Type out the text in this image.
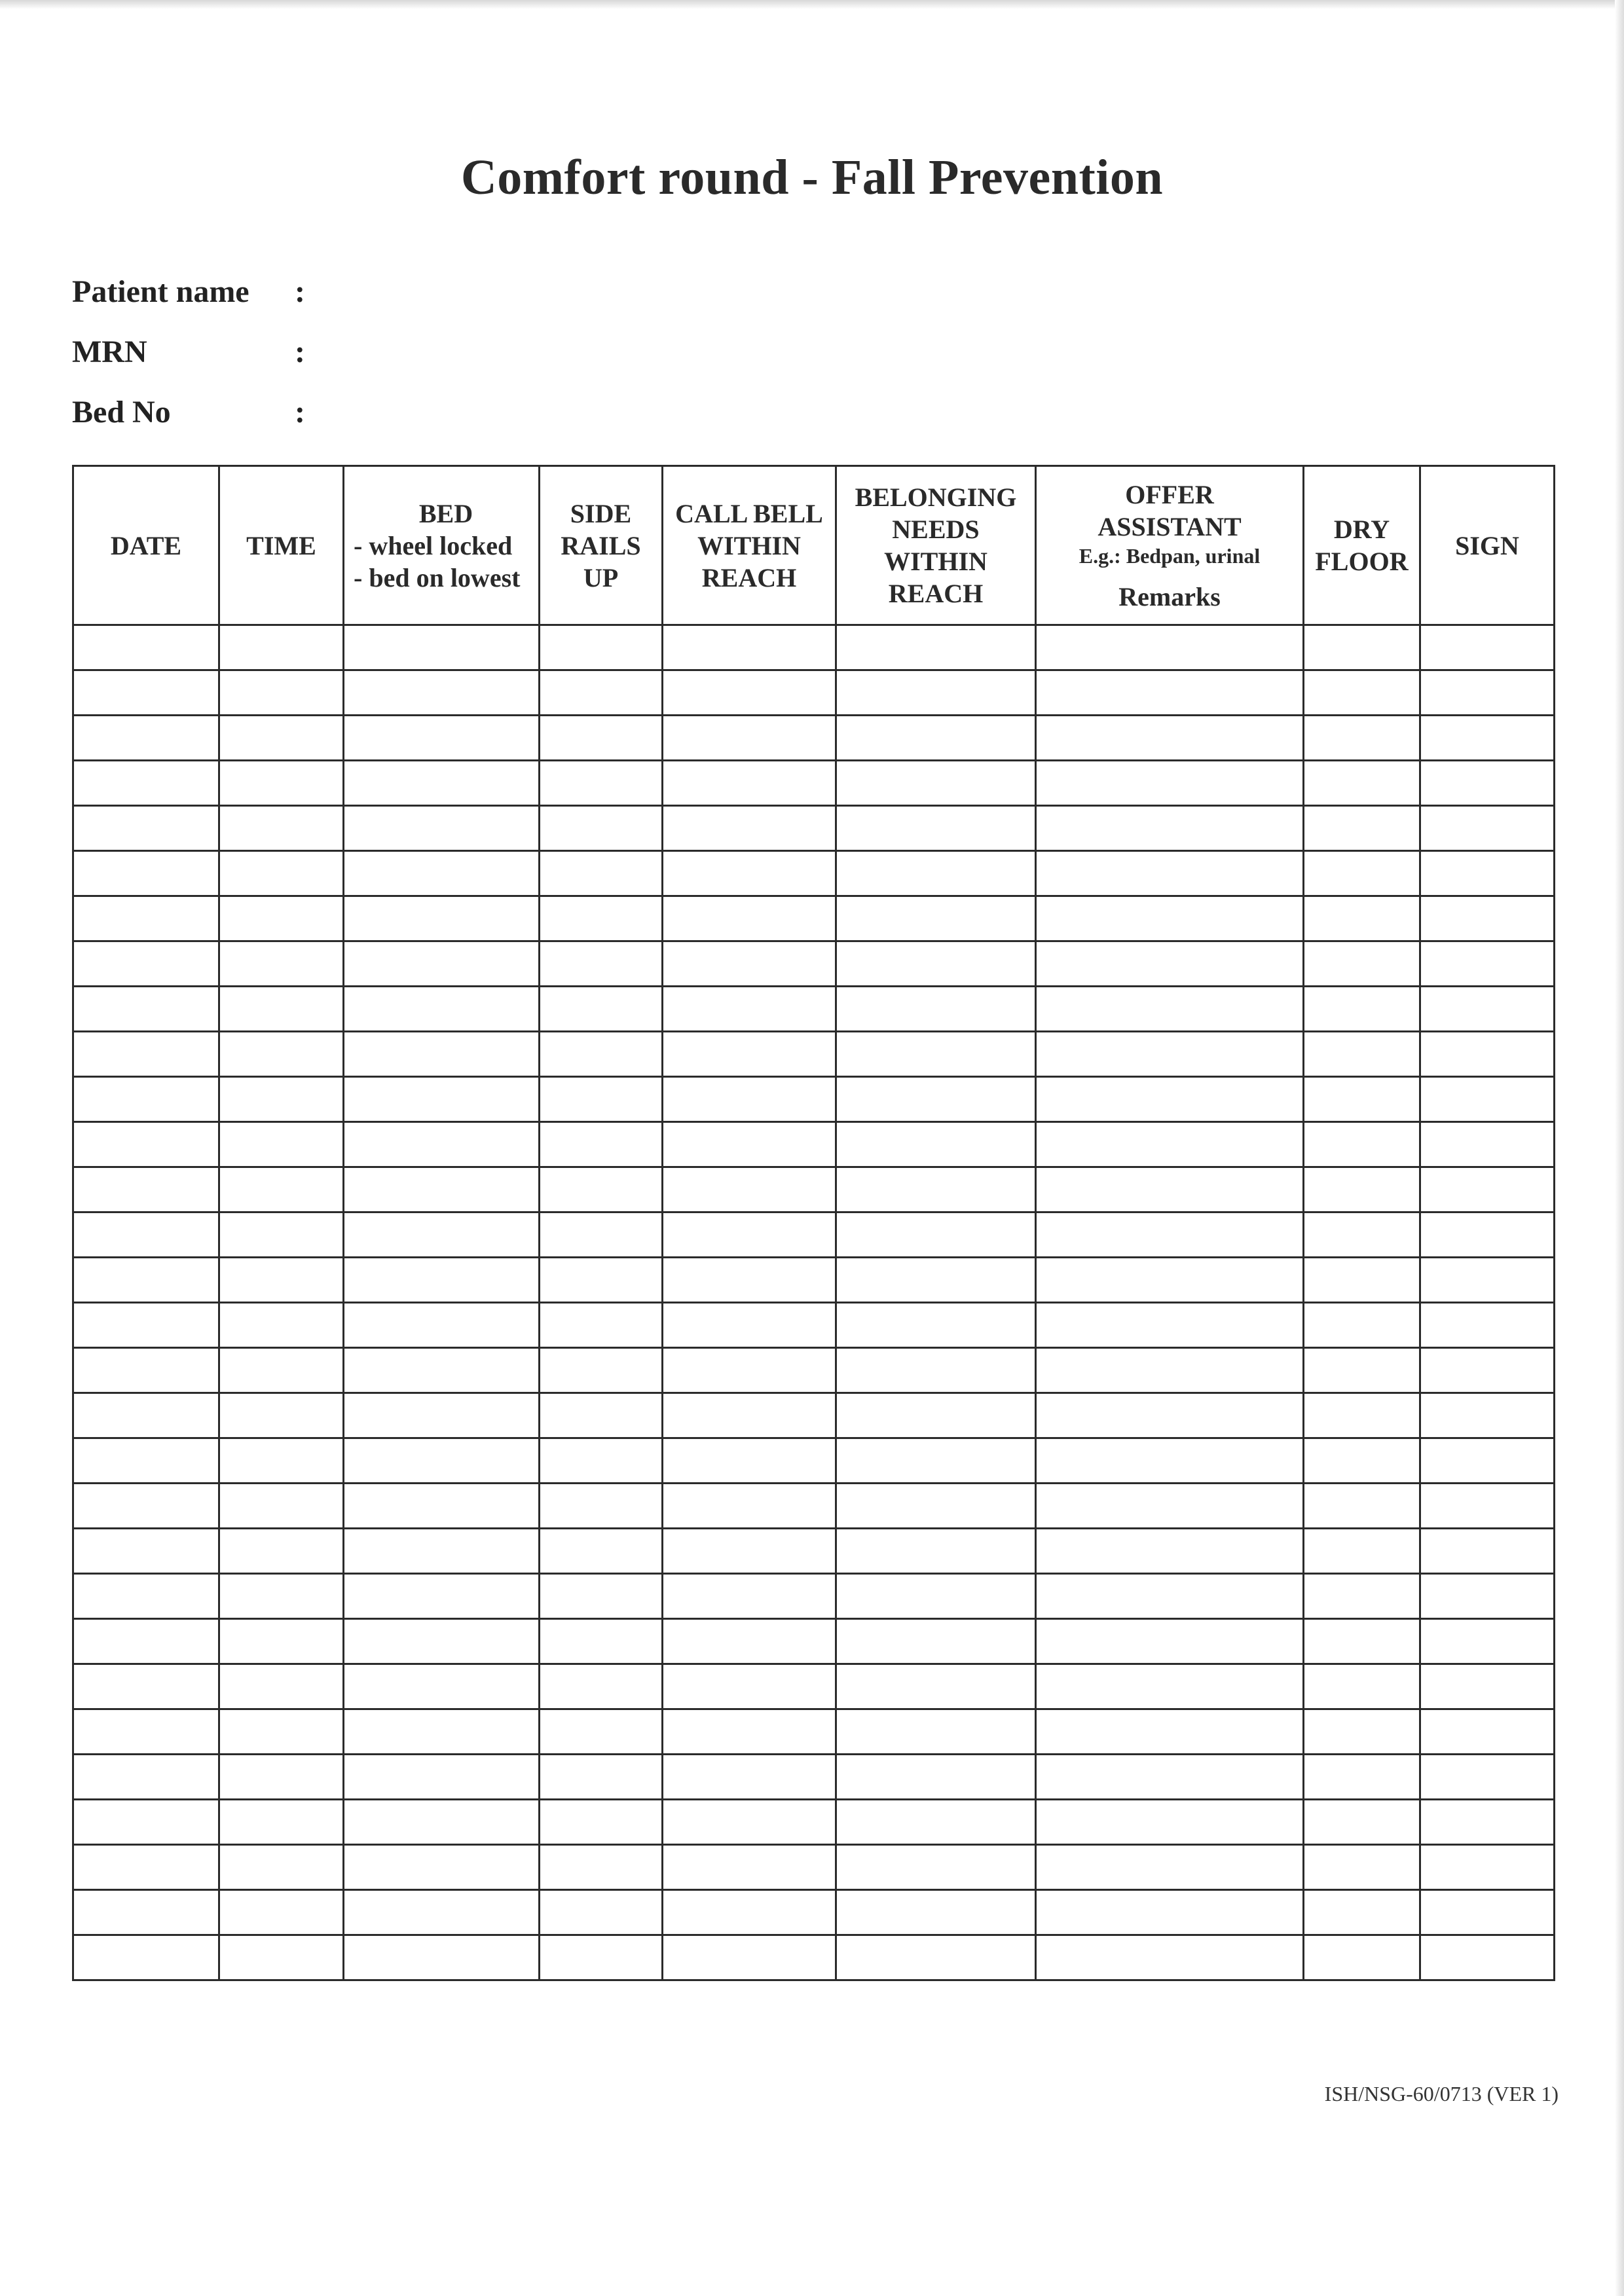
Comfort round - Fall Prevention
Patient name :
MRN	:
Bed No	:
DATE	TIME	BED
- wheel locked
- bed on lowest	SIDE
RAILS
UP	CALL BELL
WITHIN
REACH	BELONGING
NEEDS
WITHIN
REACH	OFFER
ASSISTANT
E.g.: Bedpan, urinal
Remarks	DRY
FLOOR	SIGN

ISH/NSG-60/0713 (VER 1)
